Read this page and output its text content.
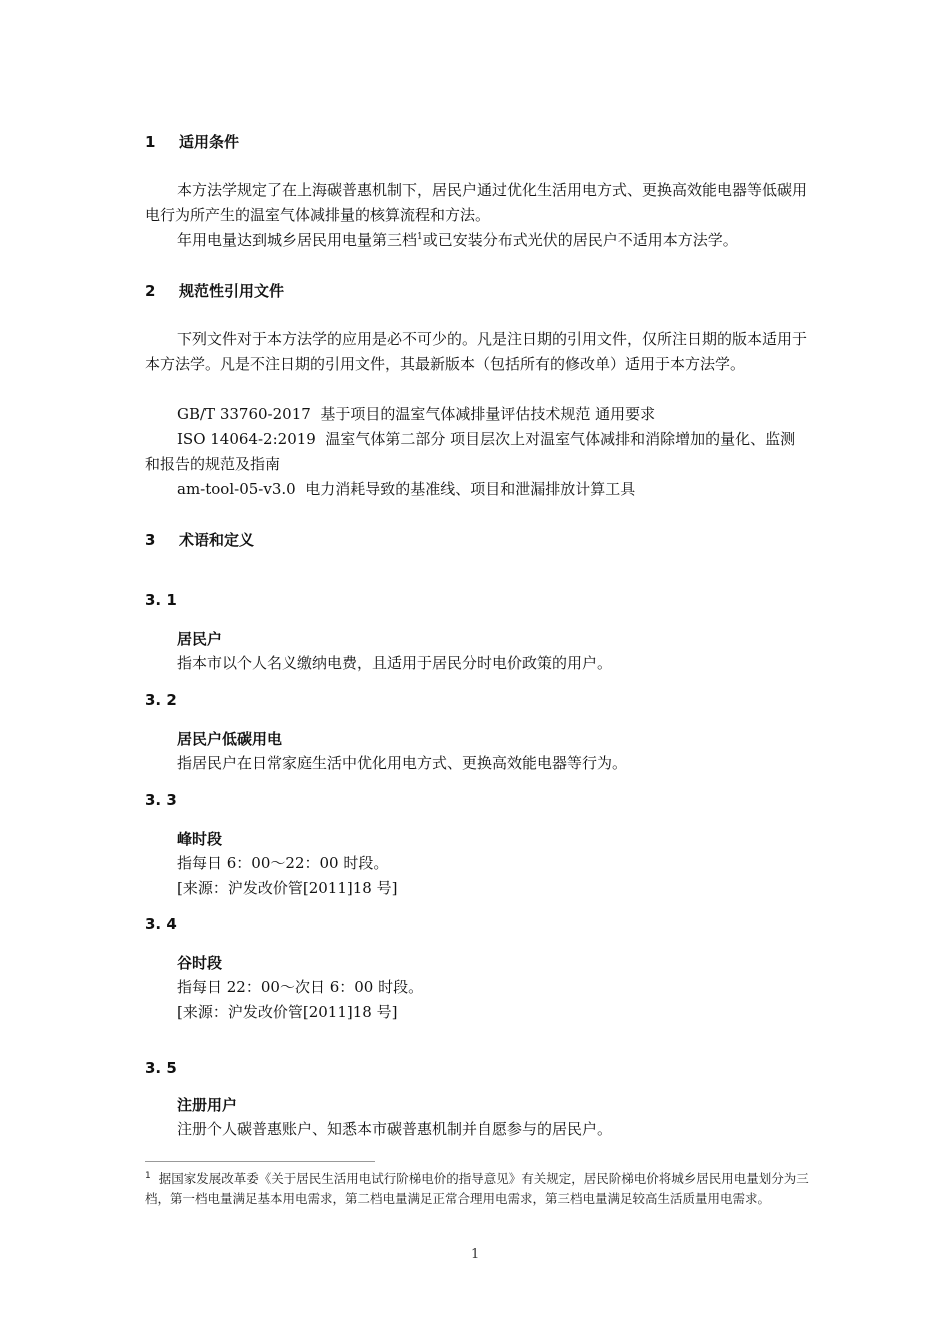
1 适用条件
本方法学规定了在上海碳普惠机制下，居民户通过优化生活用电方式、更换高效能电器等低碳用电行为所产生的温室气体减排量的核算流程和方法。
年用电量达到城乡居民用电量第三档$^1$或已安装分布式光伏的居民户不适用本方法学。
2 规范性引用文件
下列文件对于本方法学的应用是必不可少的。凡是注日期的引用文件，仅所注日期的版本适用于本方法学。凡是不注日期的引用文件，其最新版本（包括所有的修改单）适用于本方法学。
GB/T 33760-2017 基于项目的温室气体减排量评估技术规范 通用要求
ISO 14064-2:2019 温室气体第二部分 项目层次上对温室气体减排和消除增加的量化、监测和报告的规范及指南
am-tool-05-v3.0 电力消耗导致的基准线、项目和泄漏排放计算工具
3 术语和定义
3. 1
居民户
指本市以个人名义缴纳电费，且适用于居民分时电价政策的用户。
3. 2
居民户低碳用电
指居民户在日常家庭生活中优化用电方式、更换高效能电器等行为。
3. 3
峰时段
指每日 6：00～22：00 时段。
[来源：沪发改价管[2011]18 号]
3. 4
谷时段
指每日 22：00～次日 6：00 时段。
[来源：沪发改价管[2011]18 号]
3. 5
注册用户
注册个人碳普惠账户、知悉本市碳普惠机制并自愿参与的居民户。
$^1$ 据国家发展改革委《关于居民生活用电试行阶梯电价的指导意见》有关规定，居民阶梯电价将城乡居民用电量划分为三档，第一档电量满足基本用电需求，第二档电量满足正常合理用电需求，第三档电量满足较高生活质量用电需求。
1
